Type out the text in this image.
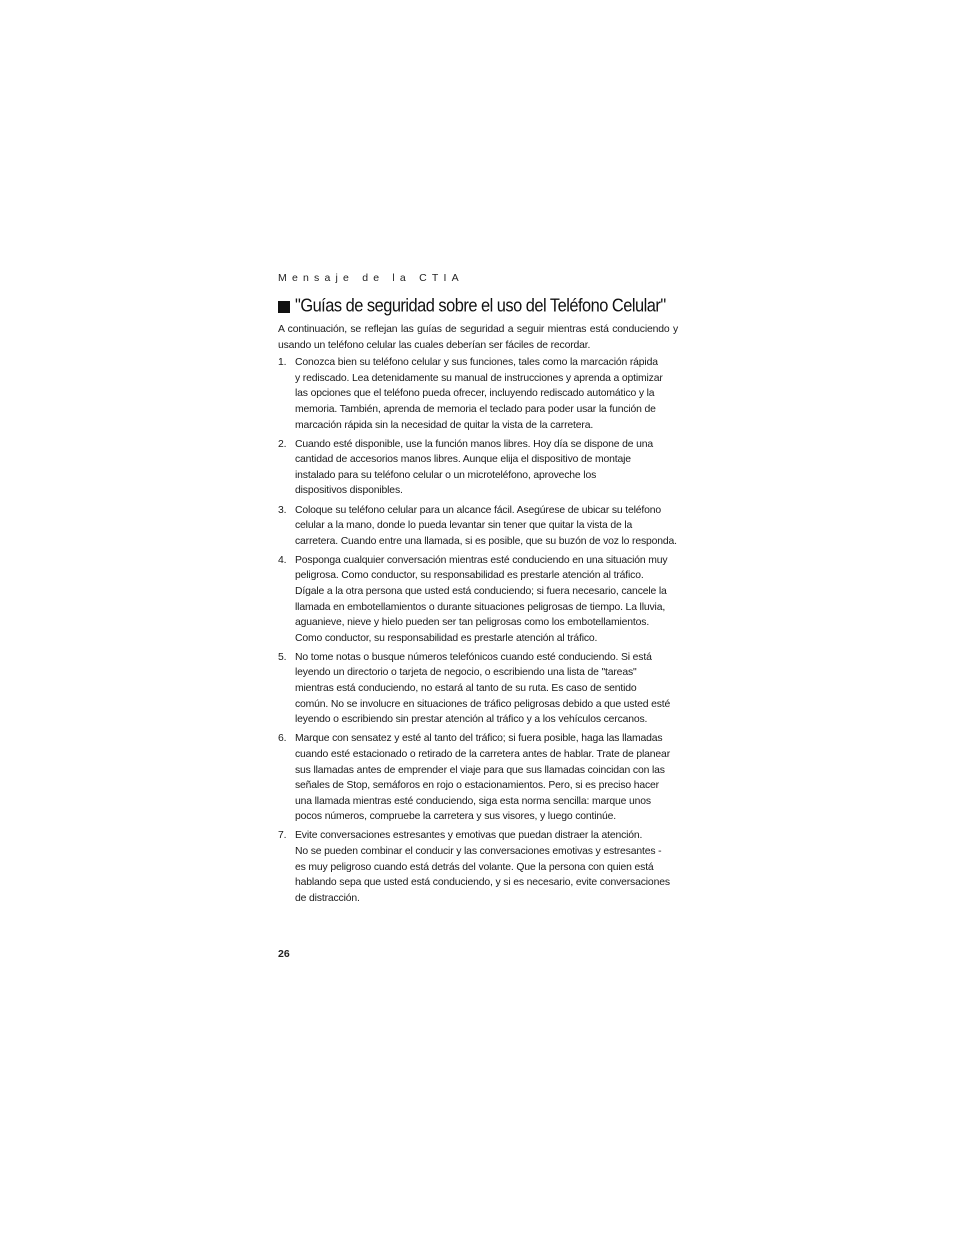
Mensaje de la CTIA
"Guías de seguridad sobre el uso del Teléfono Celular"

A continuación, se reflejan las guías de seguridad a seguir mientras está conduciendo y usando un teléfono celular las cuales deberían ser fáciles de recordar.

1. Conozca bien su teléfono celular y sus funciones, tales como la marcación rápida
y rediscado. Lea detenidamente su manual de instrucciones y aprenda a optimizar
las opciones que el teléfono pueda ofrecer, incluyendo rediscado automático y la
memoria. También, aprenda de memoria el teclado para poder usar la función de
marcación rápida sin la necesidad de quitar la vista de la carretera.
2. Cuando esté disponible, use la función manos libres. Hoy día se dispone de una
cantidad de accesorios manos libres. Aunque elija el dispositivo de montaje
instalado para su teléfono celular o un microteléfono, aproveche los
dispositivos disponibles.
3. Coloque su teléfono celular para un alcance fácil. Asegúrese de ubicar su teléfono
celular a la mano, donde lo pueda levantar sin tener que quitar la vista de la
carretera. Cuando entre una llamada, si es posible, que su buzón de voz lo responda.
4. Posponga cualquier conversación mientras esté conduciendo en una situación muy
peligrosa. Como conductor, su responsabilidad es prestarle atención al tráfico.
Dígale a la otra persona que usted está conduciendo; si fuera necesario, cancele la
llamada en embotellamientos o durante situaciones peligrosas de tiempo. La lluvia,
aguanieve, nieve y hielo pueden ser tan peligrosas como los embotellamientos.
Como conductor, su responsabilidad es prestarle atención al tráfico.
5. No tome notas o busque números telefónicos cuando esté conduciendo. Si está
leyendo un directorio o tarjeta de negocio, o escribiendo una lista de "tareas"
mientras está conduciendo, no estará al tanto de su ruta. Es caso de sentido
común. No se involucre en situaciones de tráfico peligrosas debido a que usted esté
leyendo o escribiendo sin prestar atención al tráfico y a los vehículos cercanos.
6. Marque con sensatez y esté al tanto del tráfico; si fuera posible, haga las llamadas
cuando esté estacionado o retirado de la carretera antes de hablar. Trate de planear
sus llamadas antes de emprender el viaje para que sus llamadas coincidan con las
señales de Stop, semáforos en rojo o estacionamientos. Pero, si es preciso hacer
una llamada mientras esté conduciendo, siga esta norma sencilla: marque unos
pocos números, compruebe la carretera y sus visores, y luego continúe.
7. Evite conversaciones estresantes y emotivas que puedan distraer la atención.
No se pueden combinar el conducir y las conversaciones emotivas y estresantes -
es muy peligroso cuando está detrás del volante. Que la persona con quien está
hablando sepa que usted está conduciendo, y si es necesario, evite conversaciones
de distracción.
26
